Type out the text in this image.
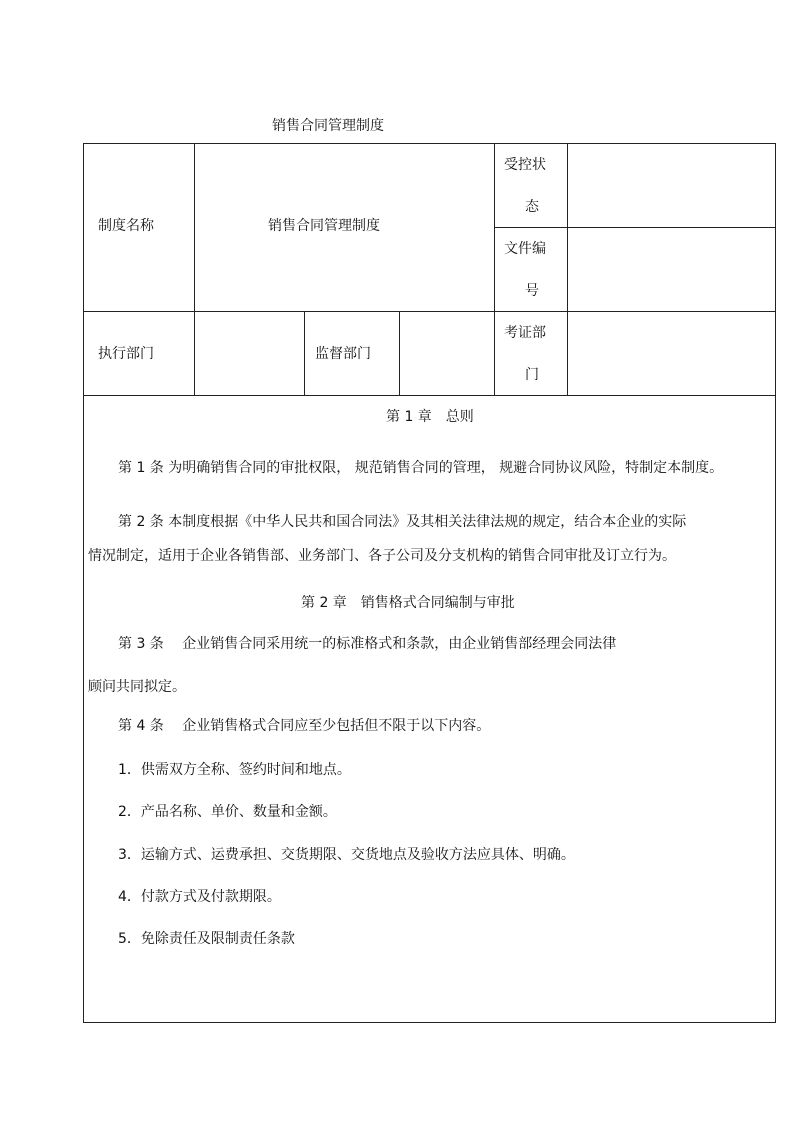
销售合同管理制度
制度名称	销售合同管理制度
受控状
态
文件编
号
执行部门	监督部门
考证部
门
第 1 章　总则
第 1 条 为明确销售合同的审批权限， 规范销售合同的管理， 规避合同协议风险，特制定本制度。
第 2 条 本制度根据《中华人民共和国合同法》及其相关法律法规的规定，结合本企业的实际
情况制定，适用于企业各销售部、业务部门、各子公司及分支机构的销售合同审批及订立行为。
第 2 章　销售格式合同编制与审批
第 3 条　 企业销售合同采用统一的标准格式和条款，由企业销售部经理会同法律
顾问共同拟定。
第 4 条　 企业销售格式合同应至少包括但不限于以下内容。
1．供需双方全称、签约时间和地点。
2．产品名称、单价、数量和金额。
3．运输方式、运费承担、交货期限、交货地点及验收方法应具体、明确。
4．付款方式及付款期限。
5．免除责任及限制责任条款
